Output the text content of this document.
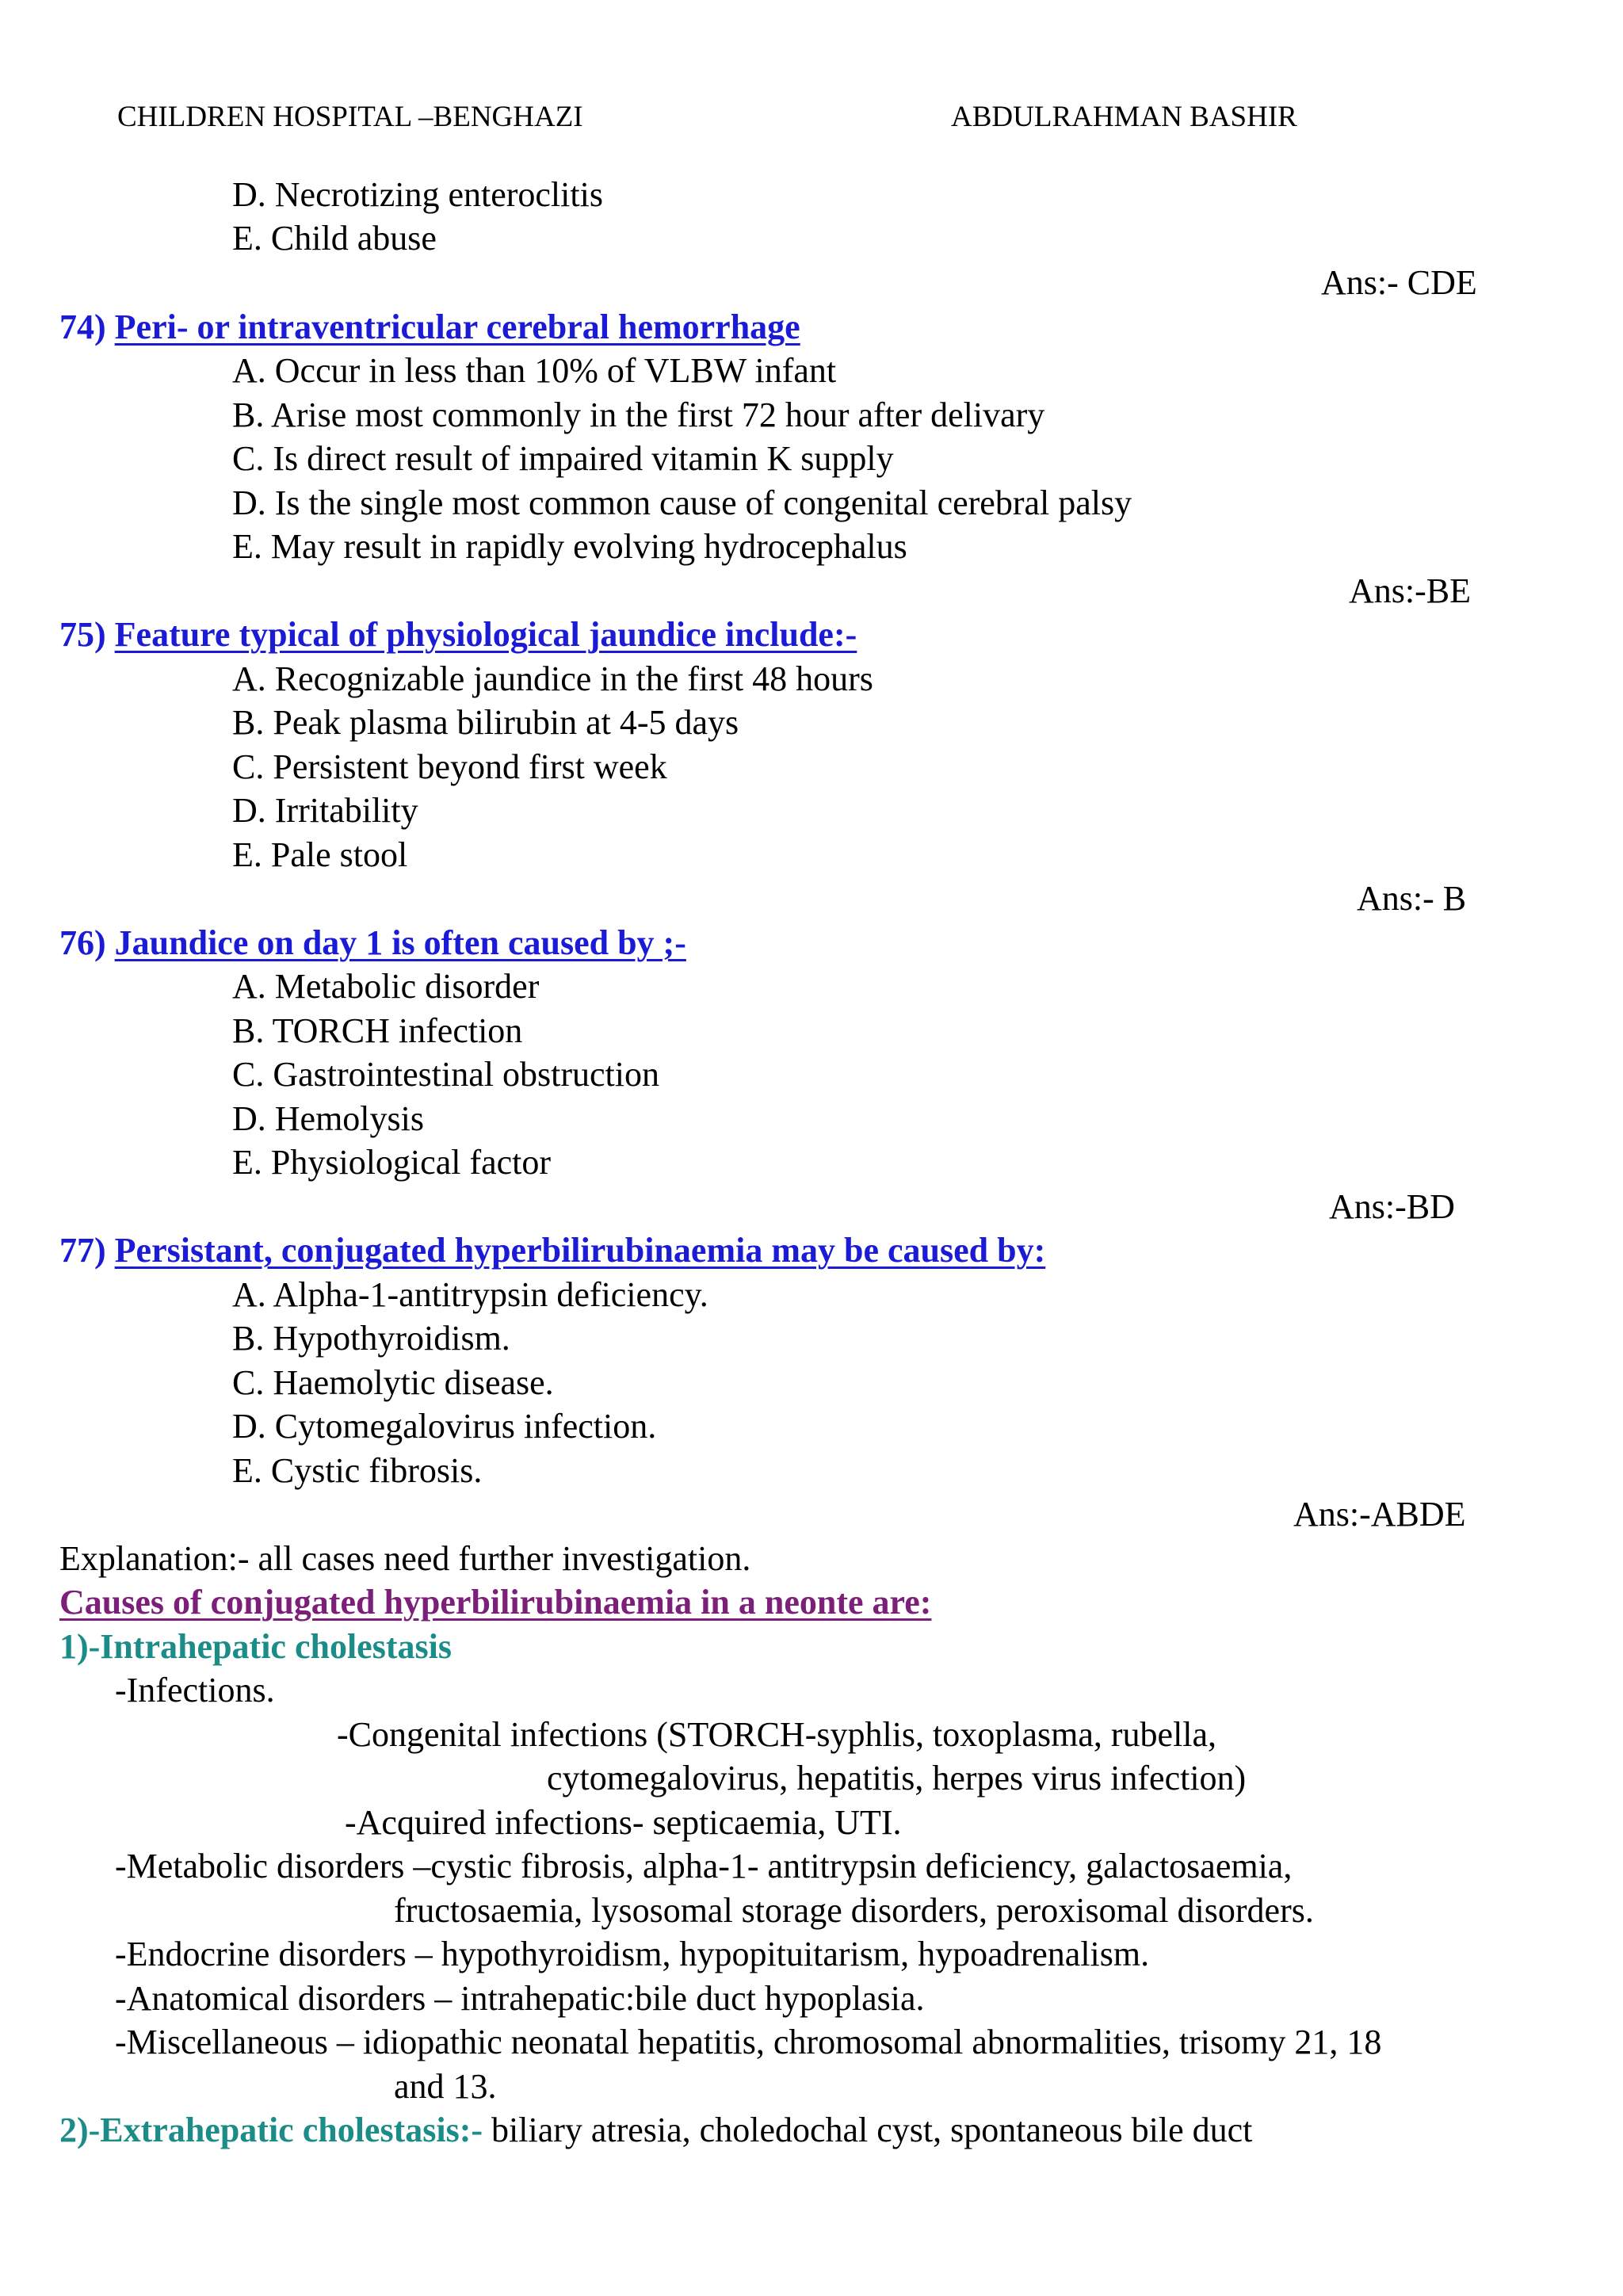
CHILDREN HOSPITAL –BENGHAZI	ABDULRAHMAN BASHIR
D. Necrotizing enteroclitis
E. Child abuse
Ans:- CDE
74) Peri- or intraventricular cerebral hemorrhage
A. Occur in less than 10% of VLBW infant
B. Arise most commonly in the first 72 hour after delivary
C. Is direct result of impaired vitamin K supply
D. Is the single most common cause of congenital cerebral palsy
E. May result in rapidly evolving hydrocephalus
Ans:-BE
75) Feature typical of physiological jaundice include:-
A. Recognizable jaundice in the first 48 hours
B. Peak plasma bilirubin at 4-5 days
C. Persistent beyond first week
D. Irritability
E. Pale stool
Ans:- B
76) Jaundice on day 1 is often caused by ;-
A. Metabolic disorder
B. TORCH infection
C. Gastrointestinal obstruction
D. Hemolysis
E. Physiological factor
Ans:-BD
77) Persistant, conjugated hyperbilirubinaemia may be caused by:
A. Alpha-1-antitrypsin deficiency.
B. Hypothyroidism.
C. Haemolytic disease.
D. Cytomegalovirus infection.
E. Cystic fibrosis.
Ans:-ABDE
Explanation:- all cases need further investigation.
Causes of conjugated hyperbilirubinaemia in a neonte are:
1)-Intrahepatic cholestasis
-Infections.
-Congenital infections (STORCH-syphlis, toxoplasma, rubella,
cytomegalovirus, hepatitis, herpes virus infection)
-Acquired infections- septicaemia, UTI.
-Metabolic disorders –cystic fibrosis, alpha-1- antitrypsin deficiency, galactosaemia,
fructosaemia, lysosomal storage disorders, peroxisomal disorders.
-Endocrine disorders – hypothyroidism, hypopituitarism, hypoadrenalism.
-Anatomical disorders – intrahepatic:bile duct hypoplasia.
-Miscellaneous – idiopathic neonatal hepatitis, chromosomal abnormalities, trisomy 21, 18
and 13.
2)-Extrahepatic cholestasis:- biliary atresia, choledochal cyst, spontaneous bile duct
